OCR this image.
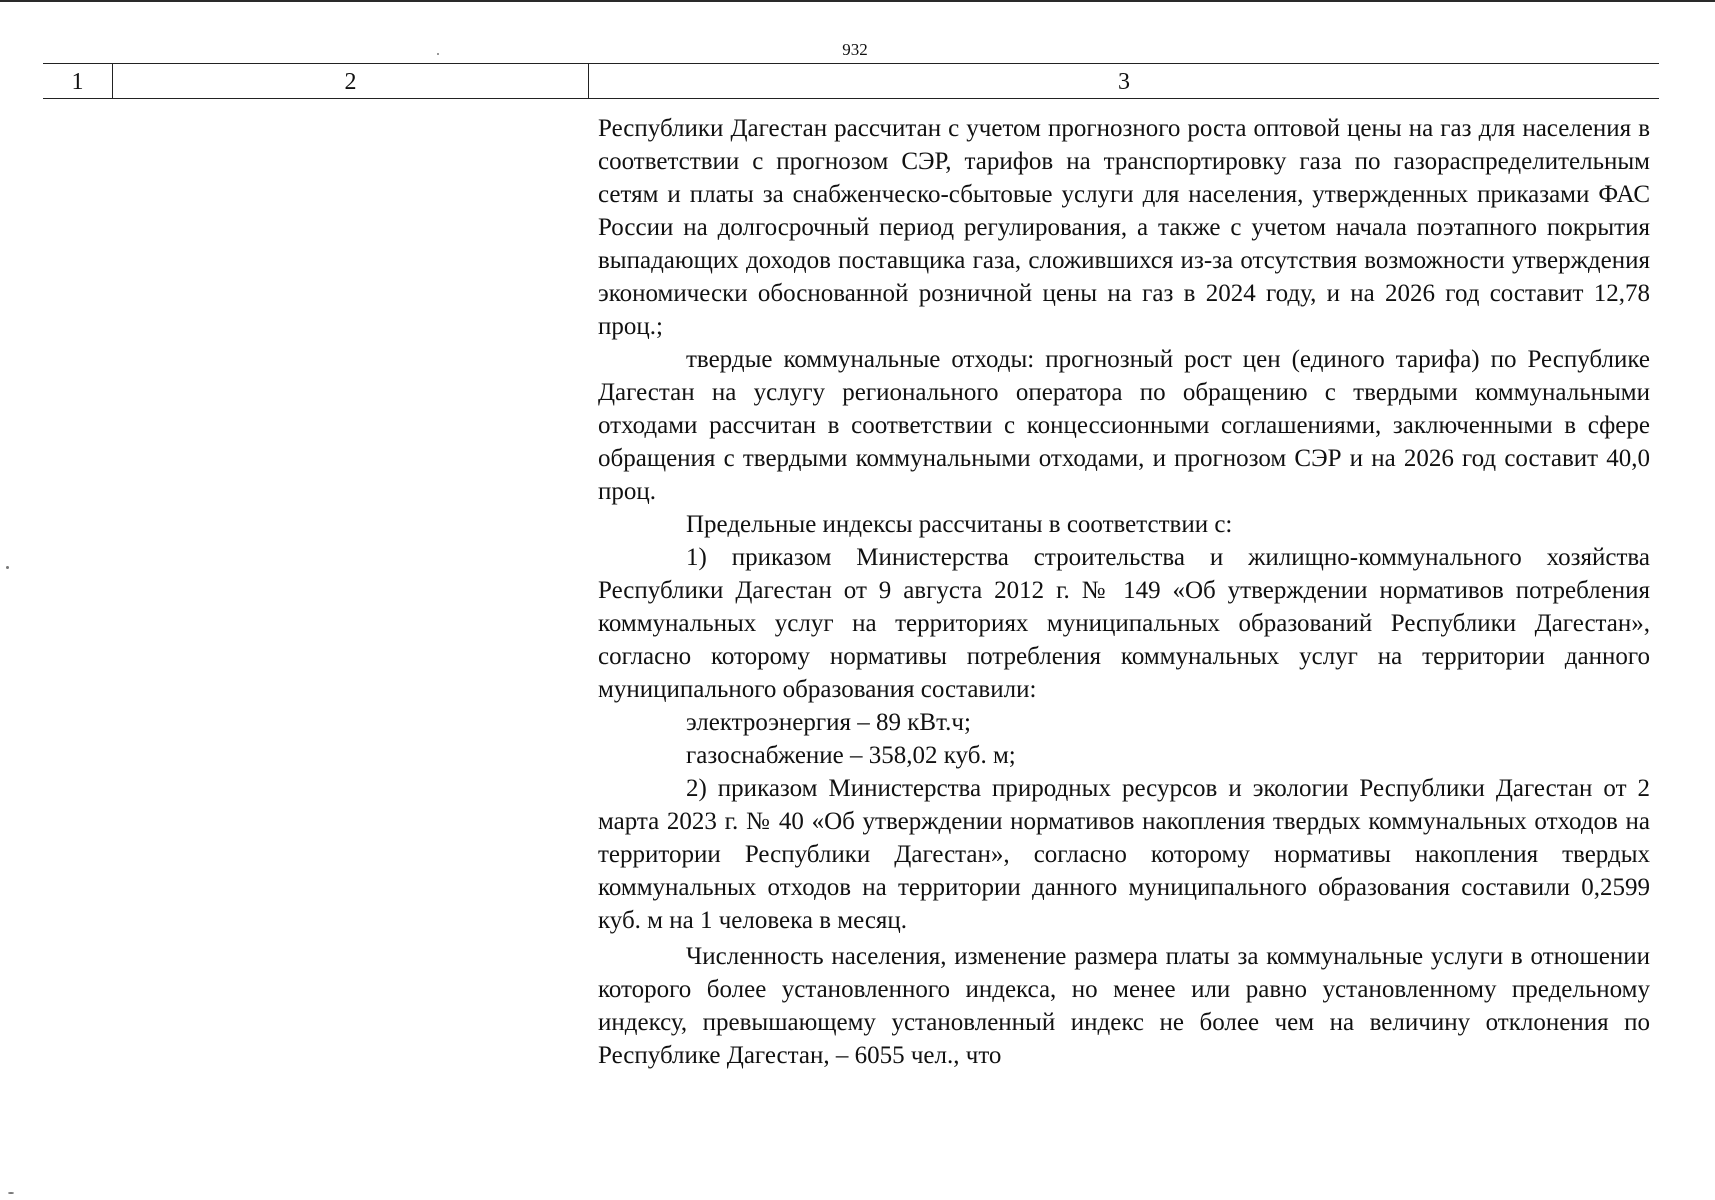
932
1	2	3

Республики Дагестан рассчитан с учетом прогнозного роста оптовой цены на газ для населения в соответствии с прогнозом СЭР, тарифов на транспортировку газа по газораспределительным сетям и платы за снабженческо-сбытовые услуги для населения, утвержденных приказами ФАС России на долгосрочный период регулирования, а также с учетом начала поэтапного покрытия выпадающих доходов поставщика газа, сложившихся из-за отсутствия возможности утверждения экономически обоснованной розничной цены на газ в 2024 году, и на 2026 год составит 12,78 проц.;

твердые коммунальные отходы: прогнозный рост цен (единого тарифа) по Республике Дагестан на услугу регионального оператора по обращению с твердыми коммунальными отходами рассчитан в соответствии с концессионными соглашениями, заключенными в сфере обращения с твердыми коммунальными отходами, и прогнозом СЭР и на 2026 год составит 40,0 проц.

Предельные индексы рассчитаны в соответствии с:

1) приказом Министерства строительства и жилищно-коммунального хозяйства Республики Дагестан от 9 августа 2012 г. № 149 «Об утверждении нормативов потребления коммунальных услуг на территориях муниципальных образований Республики Дагестан», согласно которому нормативы потребления коммунальных услуг на территории данного муниципального образования составили:

электроэнергия – 89 кВт.ч;

газоснабжение – 358,02 куб. м;

2) приказом Министерства природных ресурсов и экологии Республики Дагестан от 2 марта 2023 г. № 40 «Об утверждении нормативов накопления твердых коммунальных отходов на территории Республики Дагестан», согласно которому нормативы накопления твердых коммунальных отходов на территории данного муниципального образования составили 0,2599 куб. м на 1 человека в месяц.

Численность населения, изменение размера платы за коммунальные услуги в отношении которого более установленного индекса, но менее или равно установленному предельному индексу, превышающему установленный индекс не более чем на величину отклонения по Республике Дагестан, – 6055 чел., что
